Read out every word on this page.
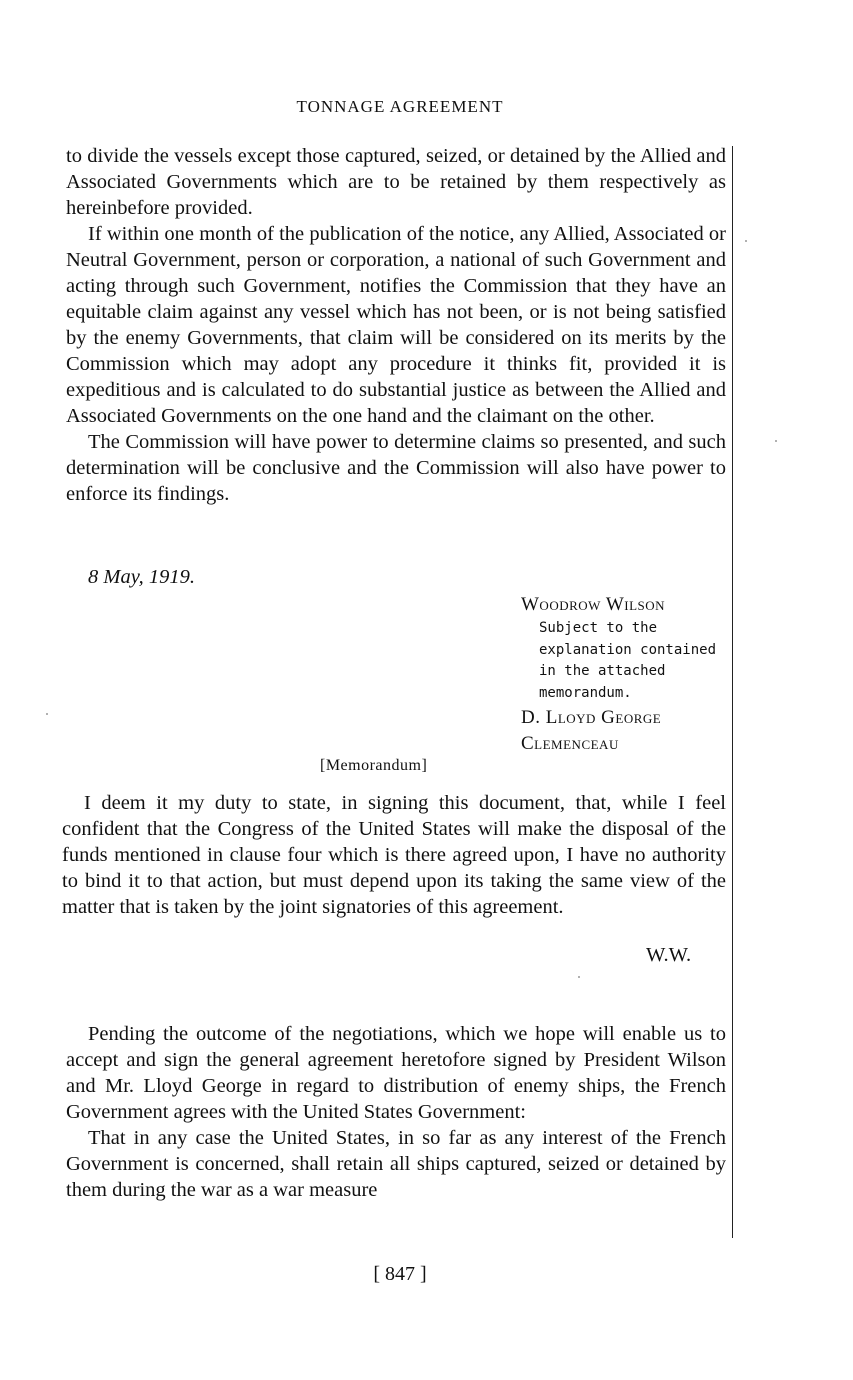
TONNAGE AGREEMENT

to divide the vessels except those captured, seized, or detained by the Allied and Associated Governments which are to be retained by them respectively as hereinbefore provided.

If within one month of the publication of the notice, any Allied, Associated or Neutral Government, person or corporation, a national of such Government and acting through such Government, notifies the Commission that they have an equitable claim against any vessel which has not been, or is not being satisfied by the enemy Governments, that claim will be considered on its merits by the Commission which may adopt any procedure it thinks fit, provided it is expeditious and is calculated to do substantial justice as between the Allied and Associated Governments on the one hand and the claimant on the other.

The Commission will have power to determine claims so presented, and such determination will be conclusive and the Commission will also have power to enforce its findings.

8 May, 1919.
Woodrow Wilson
Subject to the
explanation contained
in the attached
memorandum.
D. Lloyd George
Clemenceau
[Memorandum]

I deem it my duty to state, in signing this document, that, while I feel confident that the Congress of the United States will make the disposal of the funds mentioned in clause four which is there agreed upon, I have no authority to bind it to that action, but must depend upon its taking the same view of the matter that is taken by the joint signatories of this agreement.

W.W.

Pending the outcome of the negotiations, which we hope will enable us to accept and sign the general agreement heretofore signed by President Wilson and Mr. Lloyd George in regard to distribution of enemy ships, the French Government agrees with the United States Government:

That in any case the United States, in so far as any interest of the French Government is concerned, shall retain all ships captured, seized or detained by them during the war as a war measure

[ 847 ]
